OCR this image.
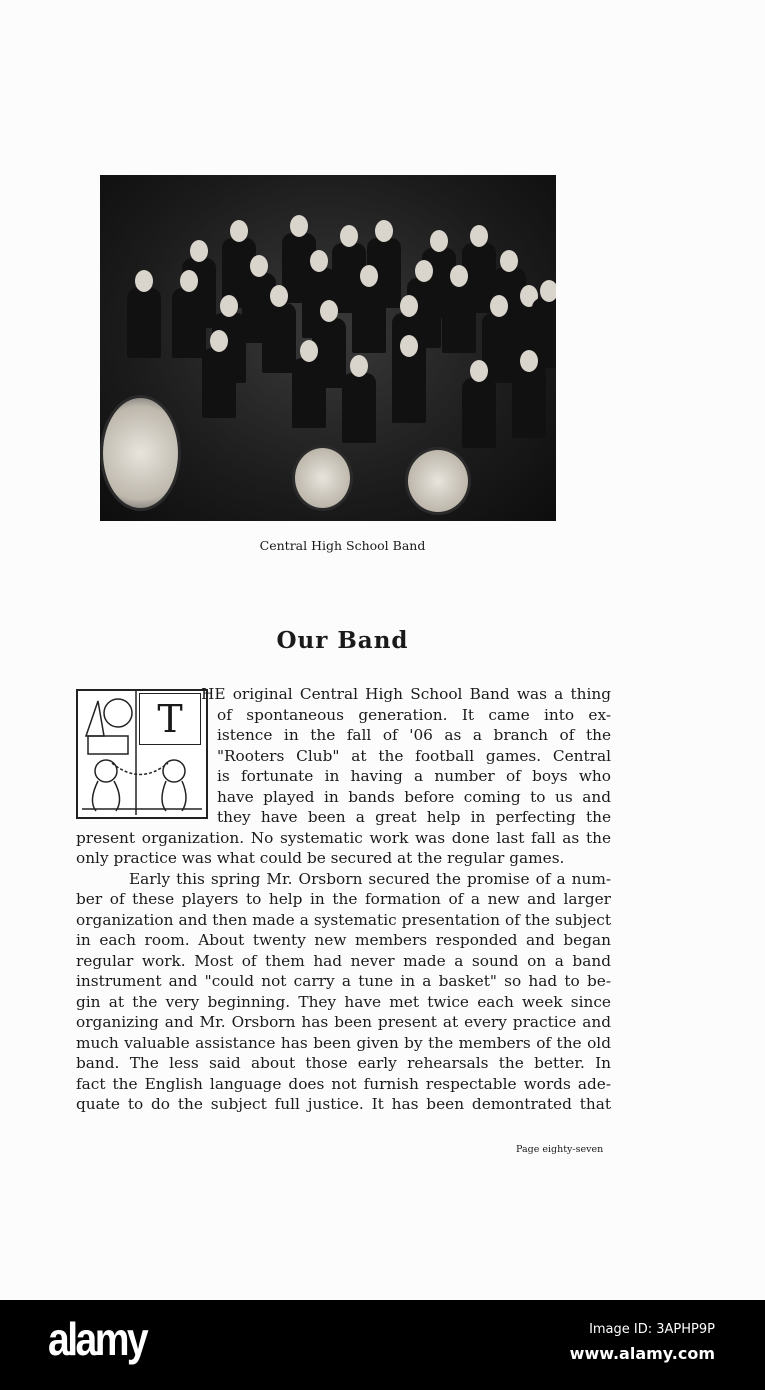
Central High School Band
Our Band
T
HE original Central High School Band was a thing
of spontaneous generation. It came into ex-
istence in the fall of '06 as a branch of the
"Rooters Club" at the football games. Central
is fortunate in having a number of boys who
have played in bands before coming to us and
they have been a great help in perfecting the
present organization. No systematic work was done last fall as the
only practice was what could be secured at the regular games.
Early this spring Mr. Orsborn secured the promise of a num-
ber of these players to help in the formation of a new and larger
organization and then made a systematic presentation of the subject
in each room. About twenty new members responded and began
regular work. Most of them had never made a sound on a band
instrument and "could not carry a tune in a basket" so had to be-
gin at the very beginning. They have met twice each week since
organizing and Mr. Orsborn has been present at every practice and
much valuable assistance has been given by the members of the old
band. The less said about those early rehearsals the better. In
fact the English language does not furnish respectable words ade-
quate to do the subject full justice. It has been demontrated that
Page eighty-seven
alamy	Image ID: 3APHP9P
www.alamy.com
